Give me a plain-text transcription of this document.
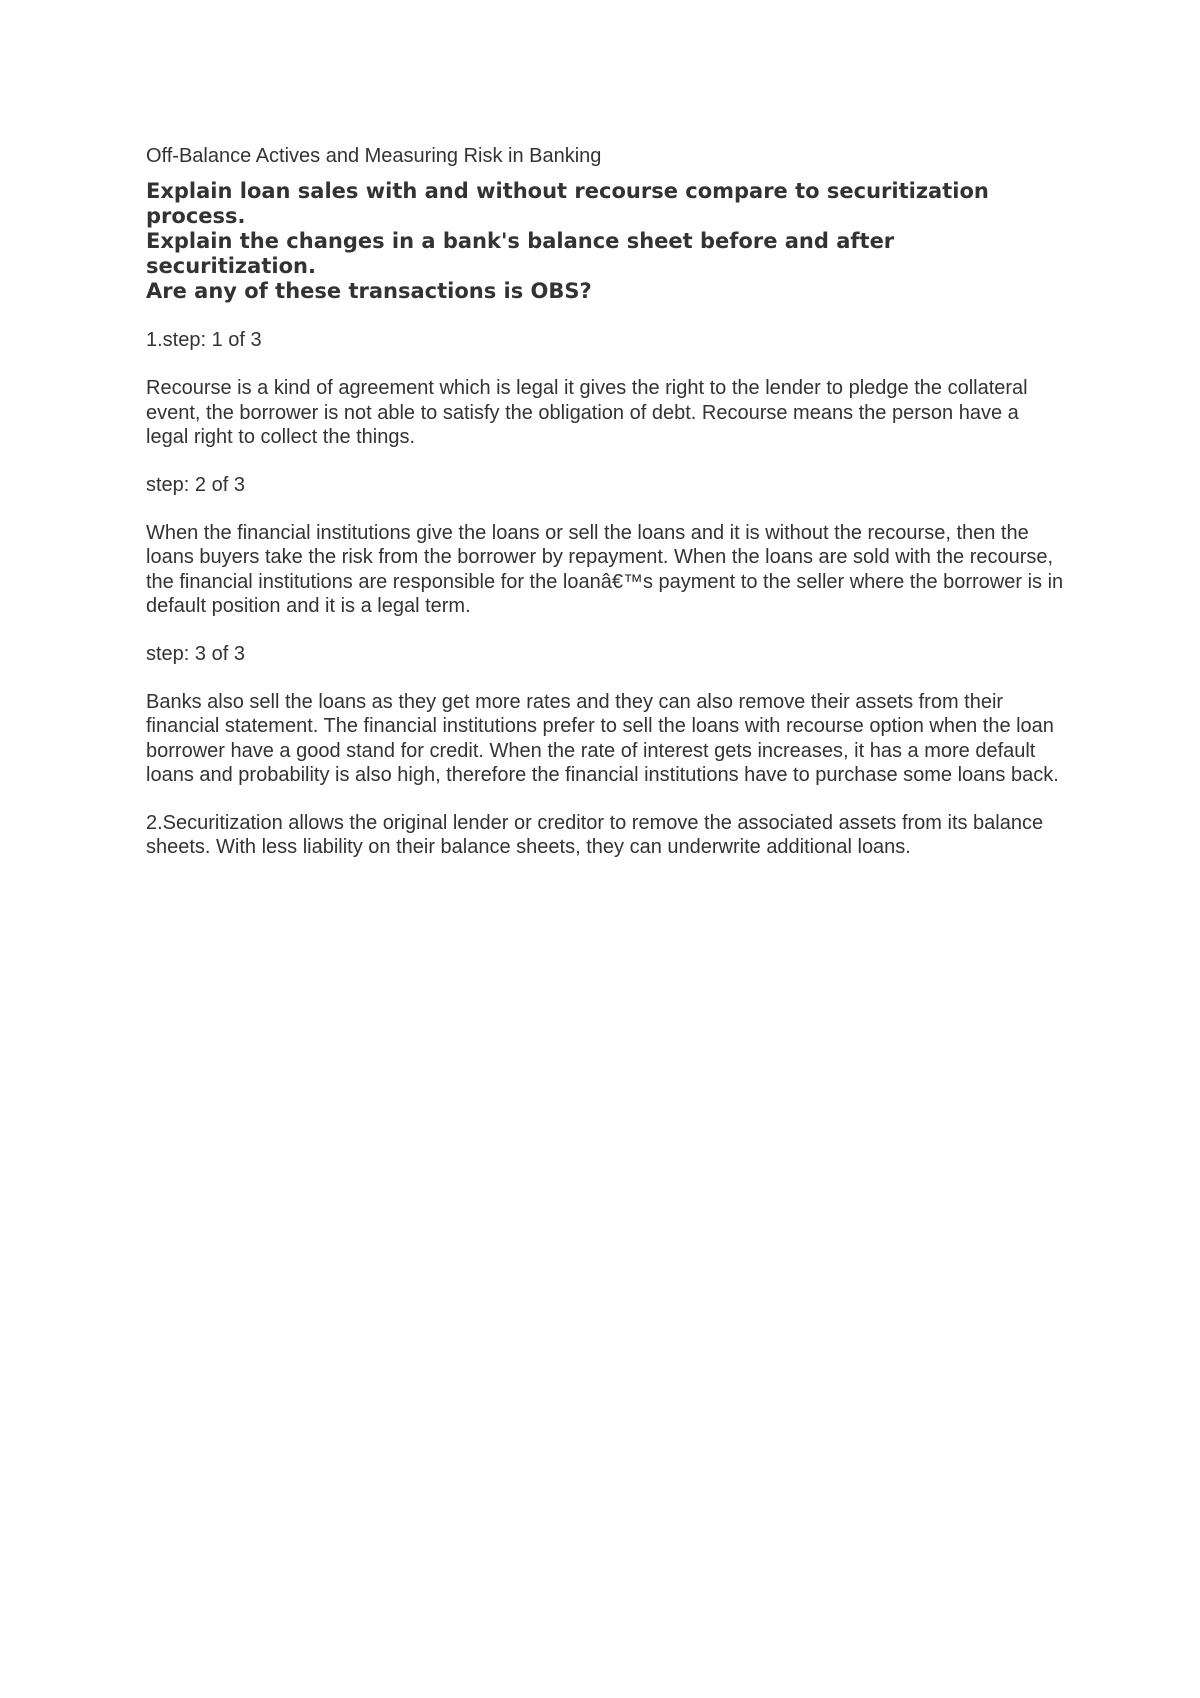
Off-Balance Actives and Measuring Risk in Banking

Explain loan sales with and without recourse compare to securitization process.

Explain the changes in a bank's balance sheet before and after securitization.

Are any of these transactions is OBS?

1.step: 1 of 3

Recourse is a kind of agreement which is legal it gives the right to the lender to pledge the collateral event, the borrower is not able to satisfy the obligation of debt. Recourse means the person have a legal right to collect the things.

step: 2 of 3

When the financial institutions give the loans or sell the loans and it is without the recourse, then the loans buyers take the risk from the borrower by repayment. When the loans are sold with the recourse, the financial institutions are responsible for the loanâ€™s payment to the seller where the borrower is in default position and it is a legal term.

step: 3 of 3

Banks also sell the loans as they get more rates and they can also remove their assets from their financial statement. The financial institutions prefer to sell the loans with recourse option when the loan borrower have a good stand for credit. When the rate of interest gets increases, it has a more default loans and probability is also high, therefore the financial institutions have to purchase some loans back.

2.Securitization allows the original lender or creditor to remove the associated assets from its balance sheets. With less liability on their balance sheets, they can underwrite additional loans.
